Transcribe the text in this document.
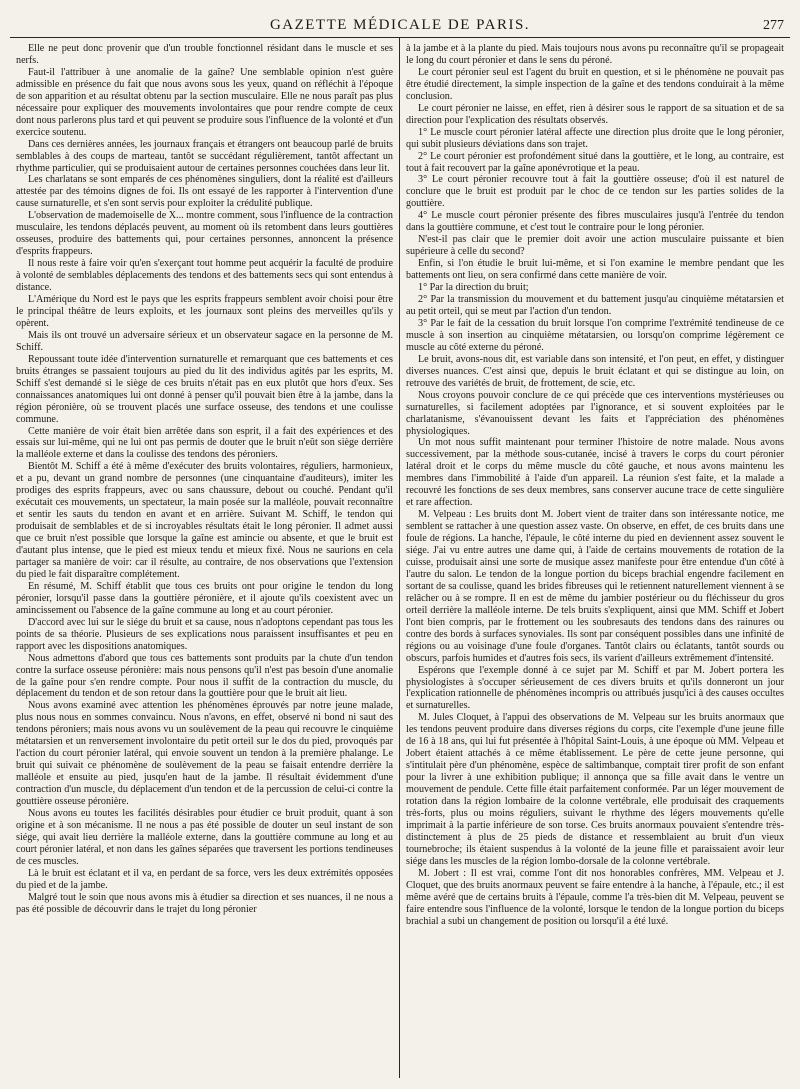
GAZETTE MÉDICALE DE PARIS.	277

Elle ne peut donc provenir que d'un trouble fonctionnel résidant dans le muscle et ses nerfs.

Faut-il l'attribuer à une anomalie de la gaîne? Une semblable opinion n'est guère admissible en présence du fait que nous avons sous les yeux, quand on réfléchit à l'époque de son apparition et au résultat obtenu par la section musculaire. Elle ne nous paraît pas plus nécessaire pour expliquer des mouvements involontaires que pour rendre compte de ceux dont nous parlerons plus tard et qui peuvent se produire sous l'influence de la volonté et d'un exercice soutenu.

Dans ces dernières années, les journaux français et étrangers ont beaucoup parlé de bruits semblables à des coups de marteau, tantôt se succédant régulièrement, tantôt affectant un rhythme particulier, qui se produisaient autour de certaines personnes couchées dans leur lit.

Les charlatans se sont emparés de ces phénomènes singuliers, dont la réalité est d'ailleurs attestée par des témoins dignes de foi. Ils ont essayé de les rapporter à l'intervention d'une cause surnaturelle, et s'en sont servis pour exploiter la crédulité publique.

L'observation de mademoiselle de X... montre comment, sous l'influence de la contraction musculaire, les tendons déplacés peuvent, au moment où ils retombent dans leurs gouttières osseuses, produire des battements qui, pour certaines personnes, annoncent la présence d'esprits frappeurs.

Il nous reste à faire voir qu'en s'exerçant tout homme peut acquérir la faculté de produire à volonté de semblables déplacements des tendons et des battements secs qui sont entendus à distance.

L'Amérique du Nord est le pays que les esprits frappeurs semblent avoir choisi pour être le principal théâtre de leurs exploits, et les journaux sont pleins des merveilles qu'ils y opèrent.

Mais ils ont trouvé un adversaire sérieux et un observateur sagace en la personne de M. Schiff.

Repoussant toute idée d'intervention surnaturelle et remarquant que ces battements et ces bruits étranges se passaient toujours au pied du lit des individus agités par les esprits, M. Schiff s'est demandé si le siège de ces bruits n'était pas en eux plutôt que hors d'eux. Ses connaissances anatomiques lui ont donné à penser qu'il pouvait bien être à la jambe, dans la région péronière, où se trouvent placés une surface osseuse, des tendons et une coulisse commune.

Cette manière de voir était bien arrêtée dans son esprit, il a fait des expériences et des essais sur lui-même, qui ne lui ont pas permis de douter que le bruit n'eût son siège derrière la malléole externe et dans la coulisse des tendons des péroniers.

Bientôt M. Schiff a été à même d'exécuter des bruits volontaires, réguliers, harmonieux, et a pu, devant un grand nombre de personnes (une cinquantaine d'auditeurs), imiter les prodiges des esprits frappeurs, avec ou sans chaussure, debout ou couché. Pendant qu'il exécutait ces mouvements, un spectateur, la main posée sur la malléole, pouvait reconnaître et sentir les sauts du tendon en avant et en arrière. Suivant M. Schiff, le tendon qui produisait de semblables et de si incroyables résultats était le long péronier. Il admet aussi que ce bruit n'est possible que lorsque la gaîne est amincie ou absente, et que le bruit est d'autant plus intense, que le pied est mieux tendu et mieux fixé. Nous ne saurions en cela partager sa manière de voir: car il résulte, au contraire, de nos observations que l'extension du pied le fait disparaître complétement.

En résumé, M. Schiff établit que tous ces bruits ont pour origine le tendon du long péronier, lorsqu'il passe dans la gouttière péronière, et il ajoute qu'ils coexistent avec un amincissement ou l'absence de la gaîne commune au long et au court péronier.

D'accord avec lui sur le siége du bruit et sa cause, nous n'adoptons cependant pas tous les points de sa théorie. Plusieurs de ses explications nous paraissent insuffisantes et peu en rapport avec les dispositions anatomiques.

Nous admettons d'abord que tous ces battements sont produits par la chute d'un tendon contre la surface osseuse péronière: mais nous pensons qu'il n'est pas besoin d'une anomalie de la gaîne pour s'en rendre compte. Pour nous il suffit de la contraction du muscle, du déplacement du tendon et de son retour dans la gouttière pour que le bruit ait lieu.

Nous avons examiné avec attention les phénomènes éprouvés par notre jeune malade, plus nous nous en sommes convaincu. Nous n'avons, en effet, observé ni bond ni saut des tendons péroniers; mais nous avons vu un soulèvement de la peau qui recouvre le cinquième métatarsien et un renversement involontaire du petit orteil sur le dos du pied, provoqués par l'action du court péronier latéral, qui envoie souvent un tendon à la première phalange. Le bruit qui suivait ce phénomène de soulèvement de la peau se faisait entendre derrière la malléole et ensuite au pied, jusqu'en haut de la jambe. Il résultait évidemment d'une contraction d'un muscle, du déplacement d'un tendon et de la percussion de celui-ci contre la gouttière osseuse péronière.

Nous avons eu toutes les facilités désirables pour étudier ce bruit produit, quant à son origine et à son mécanisme. Il ne nous a pas été possible de douter un seul instant de son siége, qui avait lieu derrière la malléole externe, dans la gouttière commune au long et au court péronier latéral, et non dans les gaînes séparées que traversent les portions tendineuses de ces muscles.

Là le bruit est éclatant et il va, en perdant de sa force, vers les deux extrémités opposées du pied et de la jambe.

Malgré tout le soin que nous avons mis à étudier sa direction et ses nuances, il ne nous a pas été possible de découvrir dans le trajet du long péronier

à la jambe et à la plante du pied. Mais toujours nous avons pu reconnaître qu'il se propageait le long du court péronier et dans le sens du péroné.

Le court péronier seul est l'agent du bruit en question, et si le phénomène ne pouvait pas être étudié directement, la simple inspection de la gaîne et des tendons conduirait à la même conclusion.

Le court péronier ne laisse, en effet, rien à désirer sous le rapport de sa situation et de sa direction pour l'explication des résultats observés.

1° Le muscle court péronier latéral affecte une direction plus droite que le long péronier, qui subit plusieurs déviations dans son trajet.

2° Le court péronier est profondément situé dans la gouttière, et le long, au contraire, est tout à fait recouvert par la gaîne aponévrotique et la peau.

3° Le court péronier recouvre tout à fait la gouttière osseuse; d'où il est naturel de conclure que le bruit est produit par le choc de ce tendon sur les parties solides de la gouttière.

4° Le muscle court péronier présente des fibres musculaires jusqu'à l'entrée du tendon dans la gouttière commune, et c'est tout le contraire pour le long péronier.

N'est-il pas clair que le premier doit avoir une action musculaire puissante et bien supérieure à celle du second?

Enfin, si l'on étudie le bruit lui-même, et si l'on examine le membre pendant que les battements ont lieu, on sera confirmé dans cette manière de voir.

1° Par la direction du bruit;

2° Par la transmission du mouvement et du battement jusqu'au cinquième métatarsien et au petit orteil, qui se meut par l'action d'un tendon.

3° Par le fait de la cessation du bruit lorsque l'on comprime l'extrémité tendineuse de ce muscle à son insertion au cinquième métatarsien, ou lorsqu'on comprime légèrement ce muscle au côté externe du péroné.

Le bruit, avons-nous dit, est variable dans son intensité, et l'on peut, en effet, y distinguer diverses nuances. C'est ainsi que, depuis le bruit éclatant et qui se distingue au loin, on retrouve des variétés de bruit, de frottement, de scie, etc.

Nous croyons pouvoir conclure de ce qui précède que ces interventions mystérieuses ou surnaturelles, si facilement adoptées par l'ignorance, et si souvent exploitées par le charlatanisme, s'évanouissent devant les faits et l'appréciation des phénomènes physiologiques.

Un mot nous suffit maintenant pour terminer l'histoire de notre malade. Nous avons successivement, par la méthode sous-cutanée, incisé à travers le corps du court péronier latéral droit et le corps du même muscle du côté gauche, et nous avons maintenu les membres dans l'immobilité à l'aide d'un appareil. La réunion s'est faite, et la malade a recouvré les fonctions de ses deux membres, sans conserver aucune trace de cette singulière et rare affection.

M. Velpeau : Les bruits dont M. Jobert vient de traiter dans son intéressante notice, me semblent se rattacher à une question assez vaste. On observe, en effet, de ces bruits dans une foule de régions. La hanche, l'épaule, le côté interne du pied en deviennent assez souvent le siége. J'ai vu entre autres une dame qui, à l'aide de certains mouvements de rotation de la cuisse, produisait ainsi une sorte de musique assez manifeste pour être entendue d'un côté à l'autre du salon. Le tendon de la longue portion du biceps brachial engendre facilement en sortant de sa coulisse, quand les brides fibreuses qui le retiennent naturellement viennent à se relâcher ou à se rompre. Il en est de même du jambier postérieur ou du fléchisseur du gros orteil derrière la malléole interne. De tels bruits s'expliquent, ainsi que MM. Schiff et Jobert l'ont bien compris, par le frottement ou les soubresauts des tendons dans des rainures ou contre des bords à surfaces synoviales. Ils sont par conséquent possibles dans une infinité de régions ou au voisinage d'une foule d'organes. Tantôt clairs ou éclatants, tantôt sourds ou obscurs, parfois humides et d'autres fois secs, ils varient d'ailleurs extrêmement d'intensité.

Espérons que l'exemple donné à ce sujet par M. Schiff et par M. Jobert portera les physiologistes à s'occuper sérieusement de ces divers bruits et qu'ils donneront un jour l'explication rationnelle de phénomènes incompris ou attribués jusqu'ici à des causes occultes et surnaturelles.

M. Jules Cloquet, à l'appui des observations de M. Velpeau sur les bruits anormaux que les tendons peuvent produire dans diverses régions du corps, cite l'exemple d'une jeune fille de 16 à 18 ans, qui lui fut présentée à l'hôpital Saint-Louis, à une époque où MM. Velpeau et Jobert étaient attachés à ce même établissement. Le père de cette jeune personne, qui s'intitulait père d'un phénomène, espèce de saltimbanque, comptait tirer profit de son enfant pour la livrer à une exhibition publique; il annonça que sa fille avait dans le ventre un mouvement de pendule. Cette fille était parfaitement conformée. Par un léger mouvement de rotation dans la région lombaire de la colonne vertébrale, elle produisait des craquements très-forts, plus ou moins réguliers, suivant le rhythme des légers mouvements qu'elle imprimait à la partie inférieure de son torse. Ces bruits anormaux pouvaient s'entendre très-distinctement à plus de 25 pieds de distance et ressemblaient au bruit d'un vieux tournebroche; ils étaient suspendus à la volonté de la jeune fille et paraissaient avoir leur siége dans les muscles de la région lombo-dorsale de la colonne vertébrale.

M. Jobert : Il est vrai, comme l'ont dit nos honorables confrères, MM. Velpeau et J. Cloquet, que des bruits anormaux peuvent se faire entendre à la hanche, à l'épaule, etc.; il est même avéré que de certains bruits à l'épaule, comme l'a très-bien dit M. Velpeau, peuvent se faire entendre sous l'influence de la volonté, lorsque le tendon de la longue portion du biceps brachial a subi un changement de position ou lorsqu'il a été luxé.
